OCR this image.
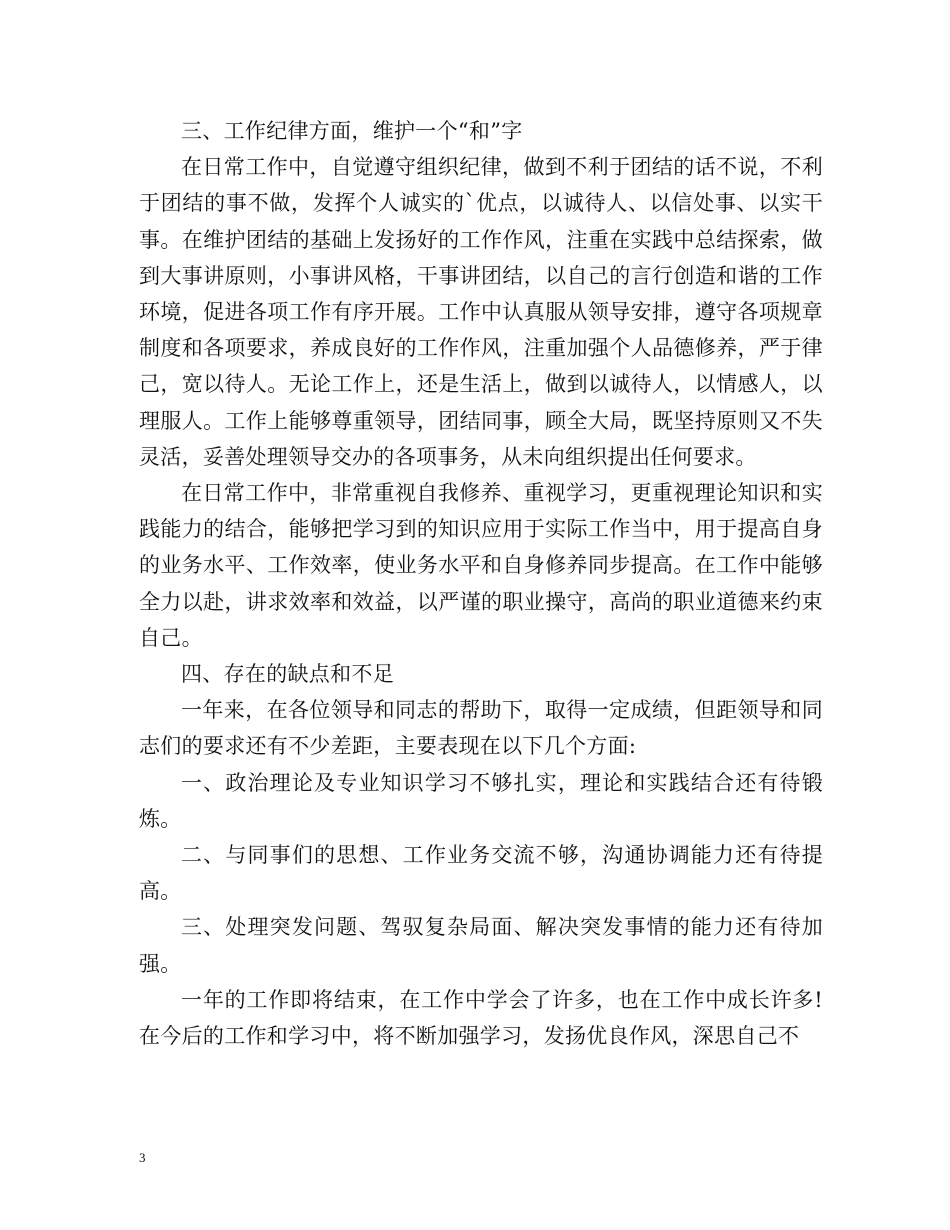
三、工作纪律方面，维护一个“和”字

在日常工作中，自觉遵守组织纪律，做到不利于团结的话不说，不利于团结的事不做，发挥个人诚实的`优点，以诚待人、以信处事、以实干事。在维护团结的基础上发扬好的工作作风，注重在实践中总结探索，做到大事讲原则，小事讲风格，干事讲团结，以自己的言行创造和谐的工作环境，促进各项工作有序开展。工作中认真服从领导安排，遵守各项规章制度和各项要求，养成良好的工作作风，注重加强个人品德修养，严于律己，宽以待人。无论工作上，还是生活上，做到以诚待人，以情感人，以理服人。工作上能够尊重领导，团结同事，顾全大局，既坚持原则又不失灵活，妥善处理领导交办的各项事务，从未向组织提出任何要求。

在日常工作中，非常重视自我修养、重视学习，更重视理论知识和实践能力的结合，能够把学习到的知识应用于实际工作当中，用于提高自身的业务水平、工作效率，使业务水平和自身修养同步提高。在工作中能够全力以赴，讲求效率和效益，以严谨的职业操守，高尚的职业道德来约束自己。

四、存在的缺点和不足

一年来，在各位领导和同志的帮助下，取得一定成绩，但距领导和同志们的要求还有不少差距，主要表现在以下几个方面:

一、政治理论及专业知识学习不够扎实，理论和实践结合还有待锻炼。

二、与同事们的思想、工作业务交流不够，沟通协调能力还有待提高。

三、处理突发问题、驾驭复杂局面、解决突发事情的能力还有待加强。

一年的工作即将结束，在工作中学会了许多，也在工作中成长许多!在今后的工作和学习中，将不断加强学习，发扬优良作风，深思自己不

3
